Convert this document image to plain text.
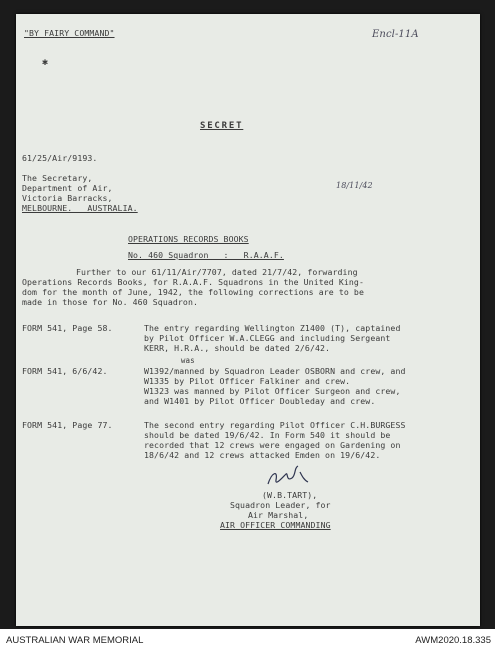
"BY FAIRY COMMAND"	Encl-11A
✱
SECRET
61/25/Air/9193.
The Secretary,
Department of Air,
Victoria Barracks,
MELBOURNE.   AUSTRALIA.
18/11/42
OPERATIONS RECORDS BOOKS
No. 460 Squadron   :   R.A.A.F.
Further to our 61/11/Air/7707, dated 21/7/42, forwarding
Operations Records Books, for R.A.A.F. Squadrons in the United King-
dom for the month of June, 1942, the following corrections are to be
made in those for No. 460 Squadron.
FORM 541, Page 58.	The entry regarding Wellington Z1400 (T), captained
by Pilot Officer W.A.CLEGG and including Sergeant
KERR, H.R.A., should be dated 2/6/42.
was
FORM 541, 6/6/42.	W1392/manned by Squadron Leader OSBORN and crew, and
W1335 by Pilot Officer Falkiner and crew.
W1323 was manned by Pilot Officer Surgeon and crew,
and W1401 by Pilot Officer Doubleday and crew.
FORM 541, Page 77.	The second entry regarding Pilot Officer C.H.BURGESS
should be dated 19/6/42. In Form 540 it should be
recorded that 12 crews were engaged on Gardening on
18/6/42 and 12 crews attacked Emden on 19/6/42.
(W.B.TART),
Squadron Leader, for
Air Marshal,
AIR OFFICER COMMANDING
AUSTRALIAN WAR MEMORIAL	AWM2020.18.335
